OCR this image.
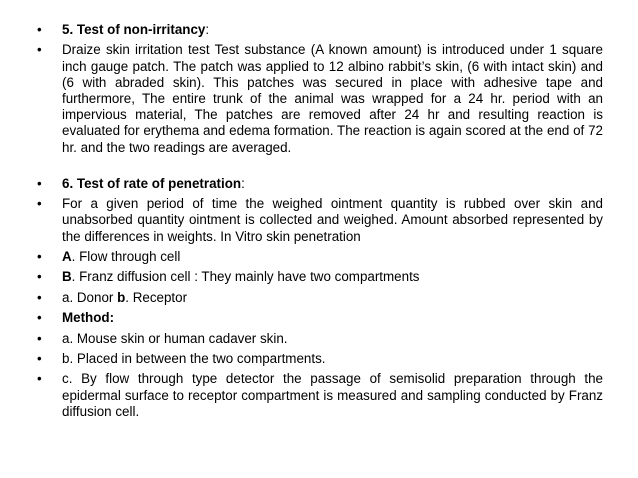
•	5. Test of non-irritancy:
•	Draize skin irritation test Test substance (A known amount) is introduced under 1 square inch gauge patch. The patch was applied to 12 albino rabbit’s skin, (6 with intact skin) and (6 with abraded skin). This patches was secured in place with adhesive tape and furthermore, The entire trunk of the animal was wrapped for a 24 hr. period with an impervious material, The patches are removed after 24 hr and resulting reaction is evaluated for erythema and edema formation. The reaction is again scored at the end of 72 hr. and the two readings are averaged.
•	6. Test of rate of penetration:
•	For a given period of time the weighed ointment quantity is rubbed over skin and unabsorbed quantity ointment is collected and weighed. Amount absorbed represented by the differences in weights. In Vitro skin penetration
•	A. Flow through cell
•	B. Franz diffusion cell : They mainly have two compartments
•	a. Donor b. Receptor
•	Method:
•	a. Mouse skin or human cadaver skin.
•	b. Placed in between the two compartments.
•	c. By flow through type detector the passage of semisolid preparation through the epidermal surface to receptor compartment is measured and sampling conducted by Franz diffusion cell.
